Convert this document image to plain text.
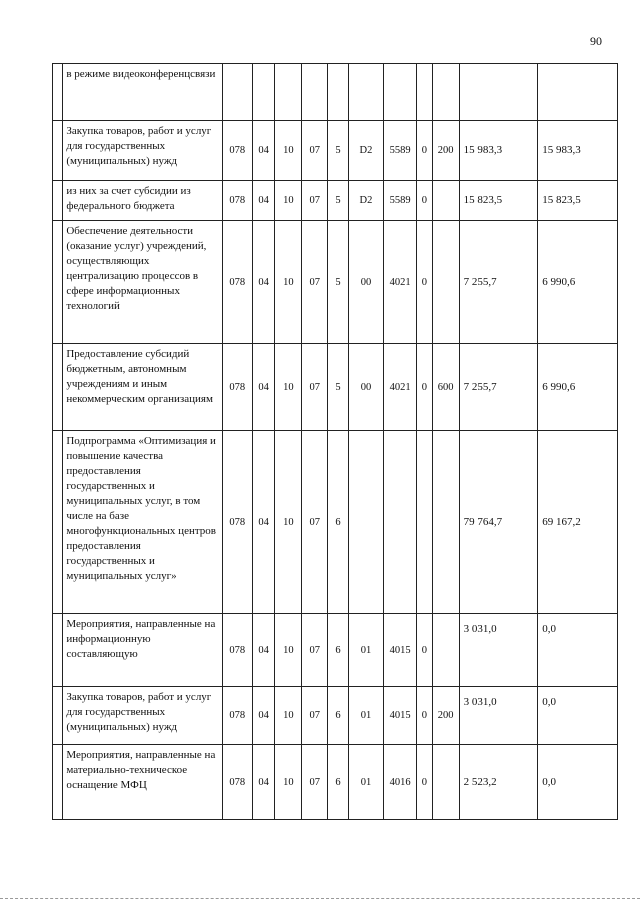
90
	в режиме видеоконференцсвязи											
	Закупка товаров, работ и услуг для государственных (муниципальных) нужд	078	04	10	07	5	D2	5589	0	200	15 983,3	15 983,3
	из них за счет субсидии из федерального бюджета	078	04	10	07	5	D2	5589	0		15 823,5	15 823,5
	Обеспечение деятельности (оказание услуг) учреждений, осуществляющих централизацию процессов в сфере информационных технологий	078	04	10	07	5	00	4021	0		7 255,7	6 990,6
	Предоставление субсидий бюджетным, автономным учреждениям и иным некоммерческим организациям	078	04	10	07	5	00	4021	0	600	7 255,7	6 990,6
	Подпрограмма «Оптимизация и повышение качества предоставления государственных и муниципальных услуг, в том числе на базе многофункциональных центров предоставления государственных и муниципальных услуг»	078	04	10	07	6					79 764,7	69 167,2
	Мероприятия, направленные на информационную составляющую	078	04	10	07	6	01	4015	0		3 031,0	0,0
	Закупка товаров, работ и услуг для государственных (муниципальных) нужд	078	04	10	07	6	01	4015	0	200	3 031,0	0,0
	Мероприятия, направленные на материально-техническое оснащение МФЦ	078	04	10	07	6	01	4016	0		2 523,2	0,0
